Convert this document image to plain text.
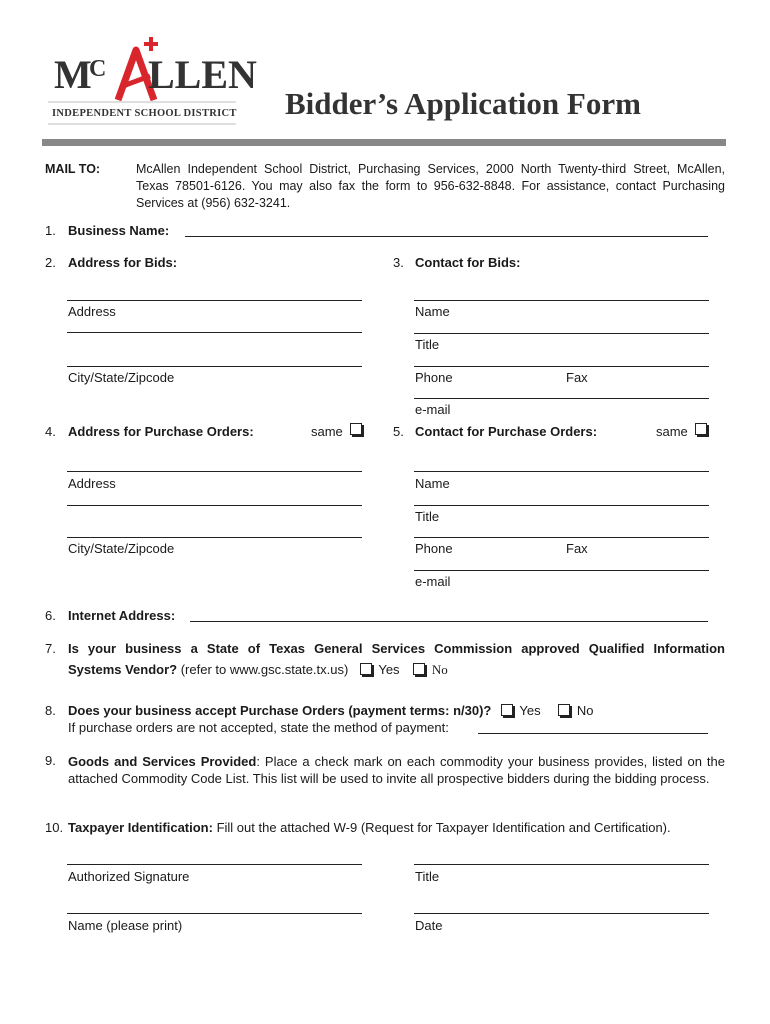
M
C LLEN
INDEPENDENT SCHOOL DISTRICT Bidder’s Application Form
MAIL TO:	McAllen Independent School District, Purchasing Services, 2000 North Twenty-third Street, McAllen, Texas 78501-6126. You may also fax the form to 956-632-8848. For assistance, contact Purchasing Services at (956) 632-3241.
1. Business Name:
2. Address for Bids:
Address
City/State/Zipcode
3. Contact for Bids:
Name
Title
Phone	Fax
e-mail
4. Address for Purchase Orders:	same
Address
City/State/Zipcode
5. Contact for Purchase Orders:	same
Name
Title
Phone	Fax
e-mail
6. Internet Address:
7. Is your business a State of Texas General Services Commission approved Qualified Information
Systems Vendor? (refer to www.gsc.state.tx.us) Yes No
8. Does your business accept Purchase Orders (payment terms: n/30)? Yes	No
If purchase orders are not accepted, state the method of payment:
9. Goods and Services Provided: Place a check mark on each commodity your business provides, listed on the attached Commodity Code List. This list will be used to invite all prospective bidders during the bidding process.
10. Taxpayer Identification: Fill out the attached W-9 (Request for Taxpayer Identification and Certification).
Authorized Signature	Title
Name (please print)	Date
